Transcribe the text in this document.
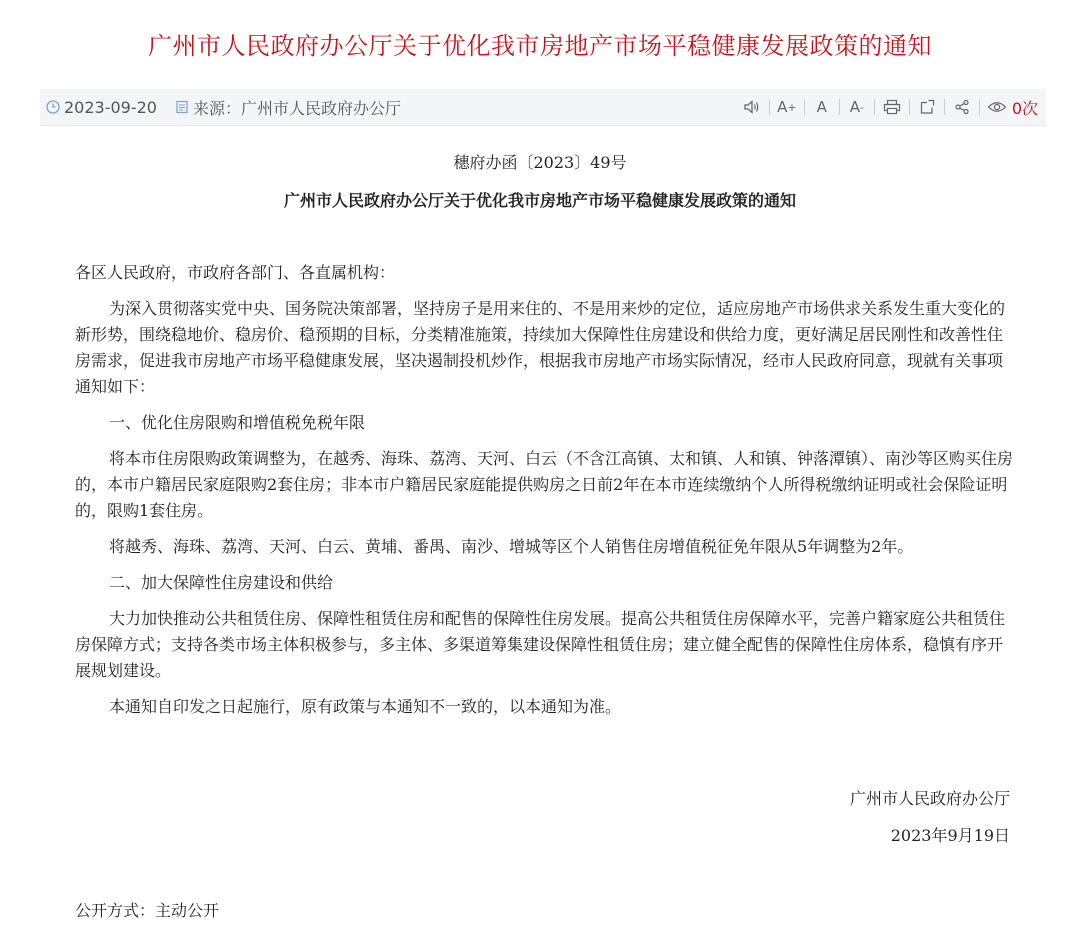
广州市人民政府办公厅关于优化我市房地产市场平稳健康发展政策的通知
2023-09-20 来源：广州市人民政府办公厅	A +	A	A -	0次
穗府办函〔2023〕49号
广州市人民政府办公厅关于优化我市房地产市场平稳健康发展政策的通知

各区人民政府，市政府各部门、各直属机构：

为深入贯彻落实党中央、国务院决策部署，坚持房子是用来住的、不是用来炒的定位，适应房地产市场供求关系发生重大变化的新形势，围绕稳地价、稳房价、稳预期的目标，分类精准施策，持续加大保障性住房建设和供给力度，更好满足居民刚性和改善性住房需求，促进我市房地产市场平稳健康发展，坚决遏制投机炒作，根据我市房地产市场实际情况，经市人民政府同意，现就有关事项通知如下：

一、优化住房限购和增值税免税年限

将本市住房限购政策调整为，在越秀、海珠、荔湾、天河、白云（不含江高镇、太和镇、人和镇、钟落潭镇）、南沙等区购买住房的，本市户籍居民家庭限购2套住房；非本市户籍居民家庭能提供购房之日前2年在本市连续缴纳个人所得税缴纳证明或社会保险证明的，限购1套住房。

将越秀、海珠、荔湾、天河、白云、黄埔、番禺、南沙、增城等区个人销售住房增值税征免年限从5年调整为2年。

二、加大保障性住房建设和供给

大力加快推动公共租赁住房、保障性租赁住房和配售的保障性住房发展。提高公共租赁住房保障水平，完善户籍家庭公共租赁住房保障方式；支持各类市场主体积极参与，多主体、多渠道筹集建设保障性租赁住房；建立健全配售的保障性住房体系，稳慎有序开展规划建设。

本通知自印发之日起施行，原有政策与本通知不一致的，以本通知为准。

广州市人民政府办公厅
2023年9月19日
公开方式：主动公开
